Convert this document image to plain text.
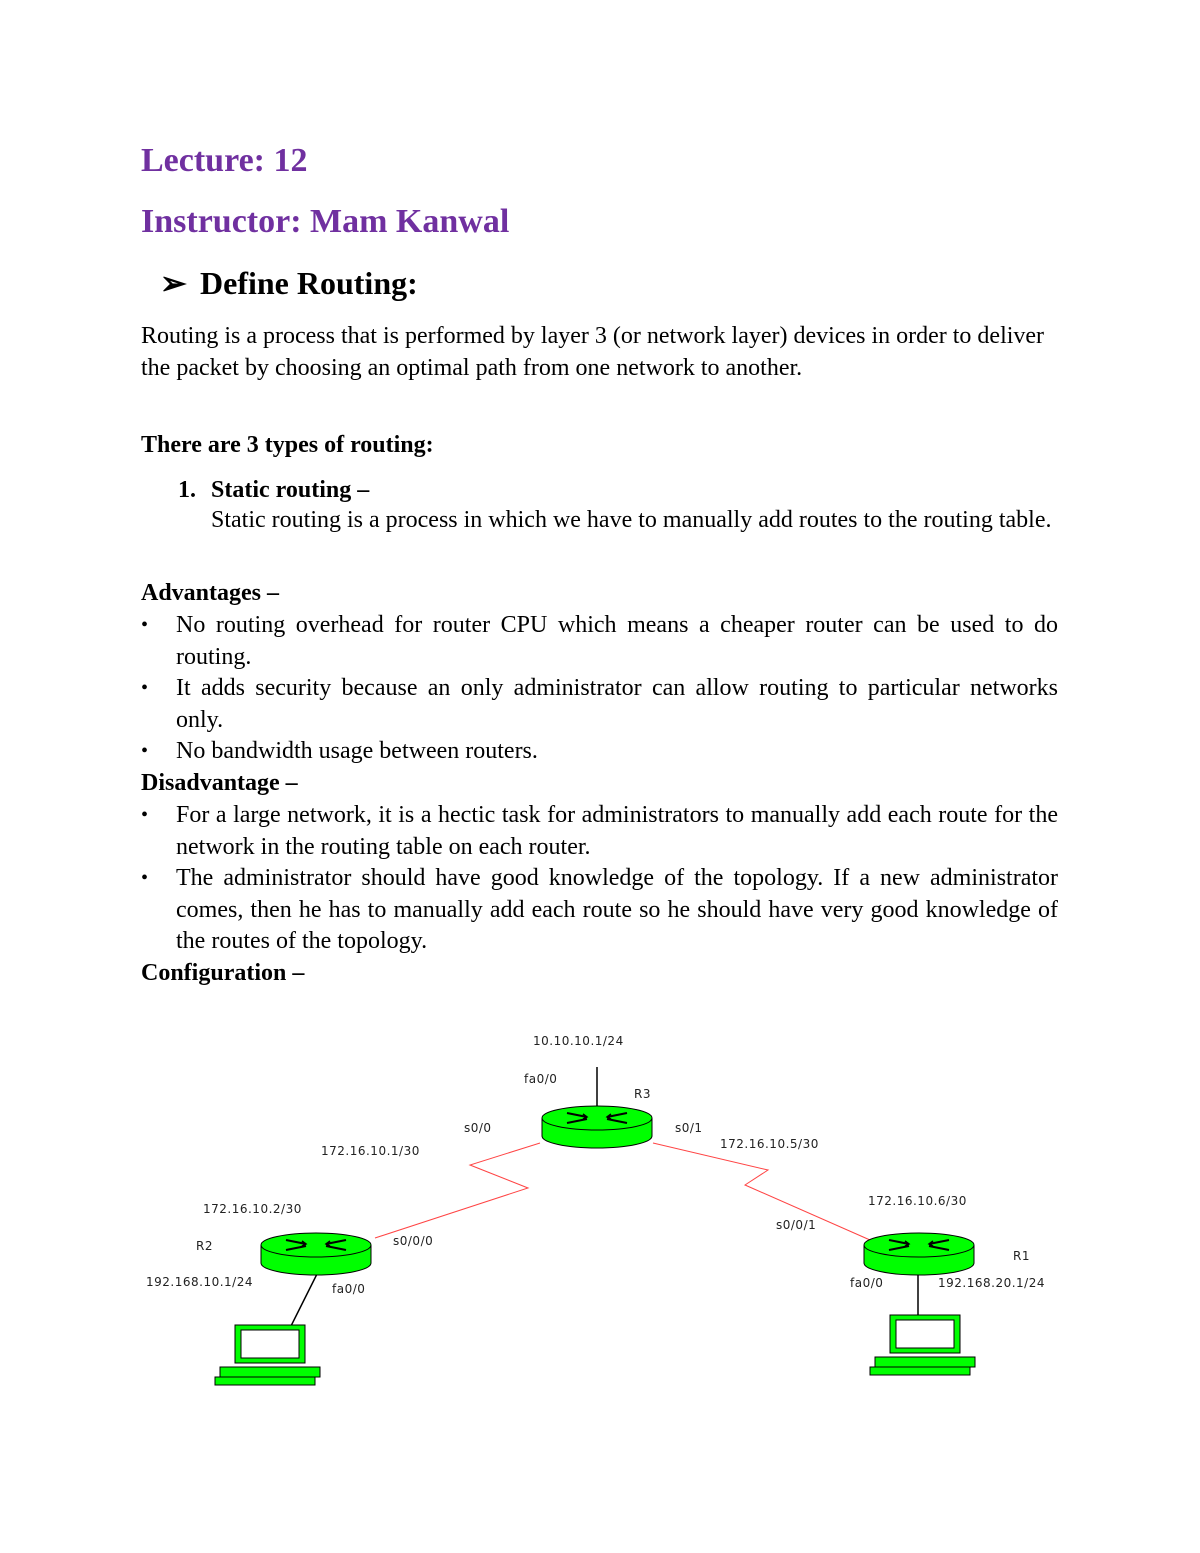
Lecture: 12
Instructor: Mam Kanwal
➢ Define Routing:

Routing is a process that is performed by layer 3 (or network layer) devices in order to deliver the packet by choosing an optimal path from one network to another.

There are 3 types of routing:

1. Static routing –
Static routing is a process in which we have to manually add routes to the routing table.
Advantages –
• No routing overhead for router CPU which means a cheaper router can be used to do routing.
• It adds security because an only administrator can allow routing to particular networks only.
• No bandwidth usage between routers.
Disadvantage –
• For a large network, it is a hectic task for administrators to manually add each route for the network in the routing table on each router.
• The administrator should have good knowledge of the topology. If a new administrator comes, then he has to manually add each route so he should have very good knowledge of the routes of the topology.
Configuration –
10.10.10.1/24
fa0/0
R3
s0/0	s0/1
172.16.10.1/30
172.16.10.2/30
R2	s0/0/0
192.168.10.1/24	fa0/0
172.16.10.5/30
172.16.10.6/30
s0/0/1
R1
fa0/0	192.168.20.1/24
